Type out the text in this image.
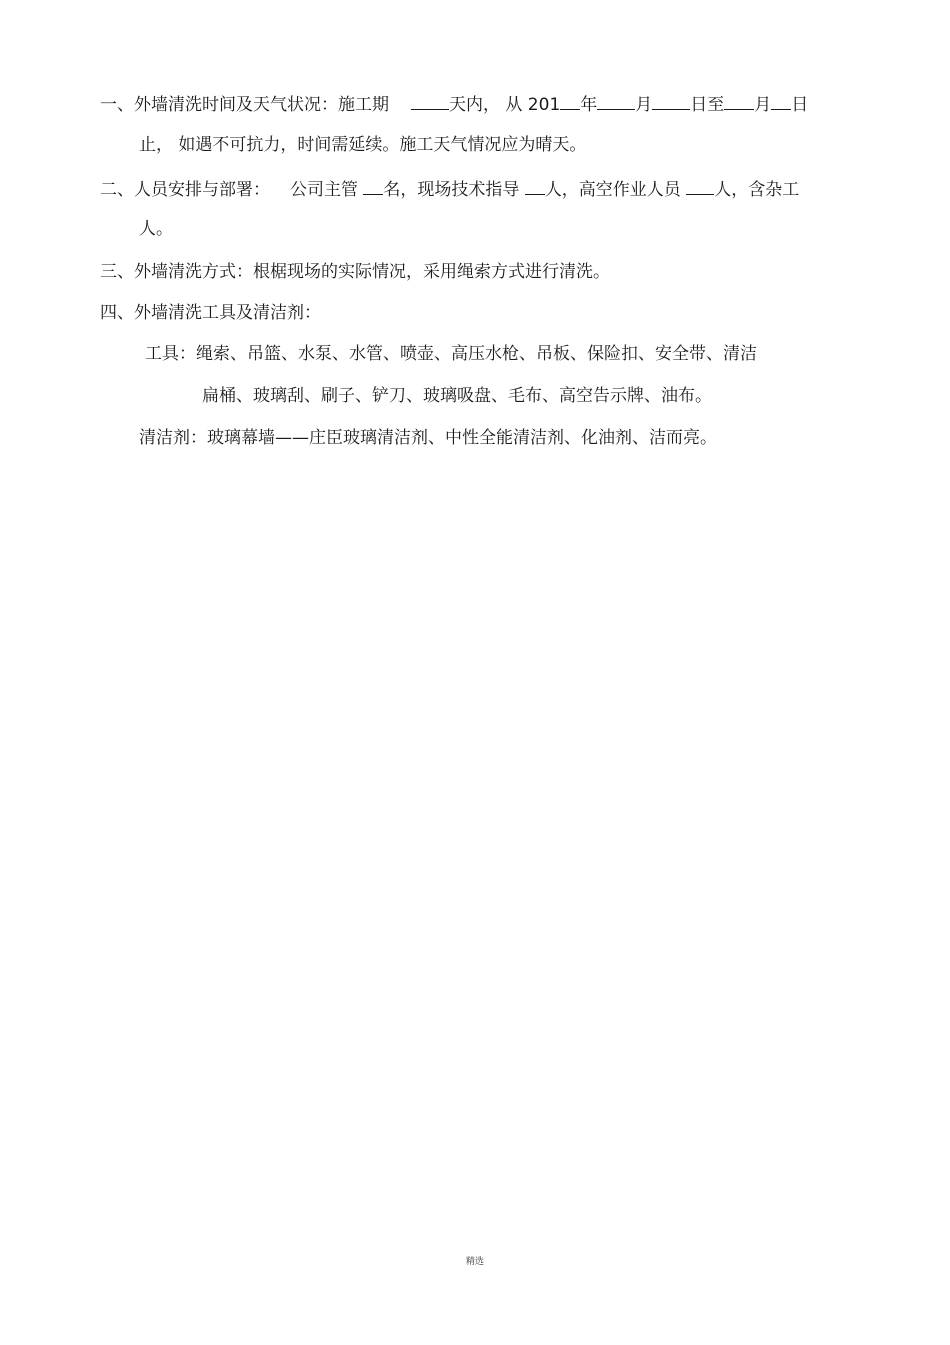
一、外墙清洗时间及天气状况：施工期	天内， 从 201 年 月 日至 月 日
止， 如遇不可抗力，时间需延续。施工天气情况应为晴天。
二、人员安排与部署： 公司主管 名，现场技术指导 人，高空作业人员 人，含杂工
人。
三、外墙清洗方式：根椐现场的实际情况，采用绳索方式进行清洗。
四、外墙清洗工具及清洁剂：
工具：绳索、吊篮、水泵、水管、喷壶、高压水枪、吊板、保险扣、安全带、清洁
扁桶、玻璃刮、刷子、铲刀、玻璃吸盘、毛布、高空告示牌、油布。
清洁剂：玻璃幕墙——庄臣玻璃清洁剂、中性全能清洁剂、化油剂、洁而亮。
精选
